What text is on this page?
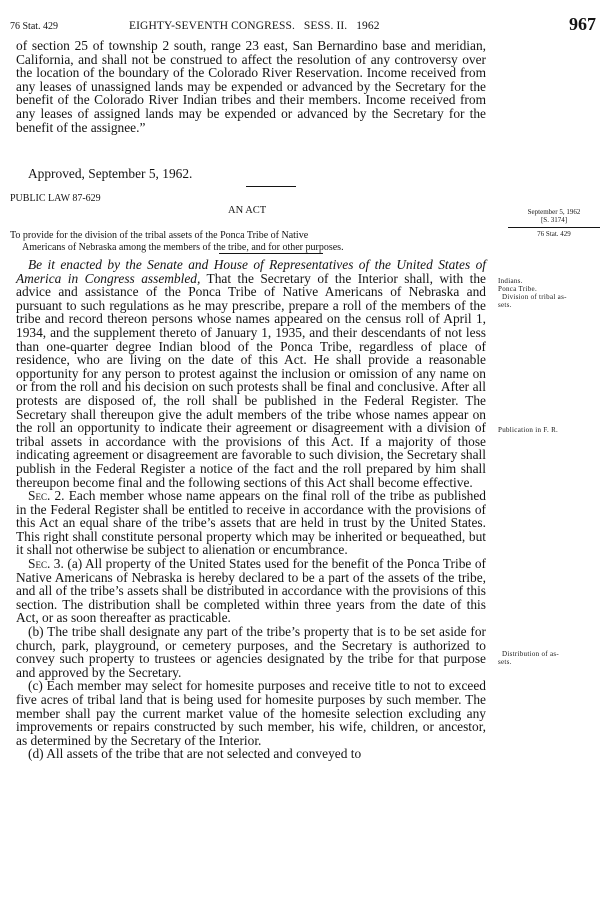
76 Stat. 429	EIGHTY-SEVENTH CONGRESS.   SESS. II.   1962	967

of section 25 of township 2 south, range 23 east, San Bernardino base and meridian, California, and shall not be construed to affect the resolution of any controversy over the location of the boundary of the Colorado River Reservation. Income received from any leases of unassigned lands may be expended or advanced by the Secretary for the benefit of the Colorado River Indian tribes and their members. Income received from any leases of assigned lands may be expended or advanced by the Secretary for the benefit of the assignee.”

Approved, September 5, 1962.
PUBLIC LAW 87-629
AN ACT
To provide for the division of the tribal assets of the Ponca Tribe of Native
Americans of Nebraska among the members of the tribe, and for other purposes.

Be it enacted by the Senate and House of Representatives of the United States of America in Congress assembled, That the Secretary of the Interior shall, with the advice and assistance of the Ponca Tribe of Native Americans of Nebraska and pursuant to such regulations as he may prescribe, prepare a roll of the members of the tribe and record thereon persons whose names appeared on the census roll of April 1, 1934, and the supplement thereto of January 1, 1935, and their descendants of not less than one-quarter degree Indian blood of the Ponca Tribe, regardless of place of residence, who are living on the date of this Act. He shall provide a reasonable opportunity for any person to protest against the inclusion or omission of any name on or from the roll and his decision on such protests shall be final and conclusive. After all protests are disposed of, the roll shall be published in the Federal Register. The Secretary shall thereupon give the adult members of the tribe whose names appear on the roll an opportunity to indicate their agreement or disagreement with a division of tribal assets in accordance with the provisions of this Act. If a majority of those indicating agreement or disagreement are favorable to such division, the Secretary shall publish in the Federal Register a notice of the fact and the roll prepared by him shall thereupon become final and the following sections of this Act shall become effective.

Sec. 2. Each member whose name appears on the final roll of the tribe as published in the Federal Register shall be entitled to receive in accordance with the provisions of this Act an equal share of the tribe’s assets that are held in trust by the United States. This right shall constitute personal property which may be inherited or bequeathed, but it shall not otherwise be subject to alienation or encumbrance.

Sec. 3. (a) All property of the United States used for the benefit of the Ponca Tribe of Native Americans of Nebraska is hereby declared to be a part of the assets of the tribe, and all of the tribe’s assets shall be distributed in accordance with the provisions of this section. The distribution shall be completed within three years from the date of this Act, or as soon thereafter as practicable.

(b) The tribe shall designate any part of the tribe’s property that is to be set aside for church, park, playground, or cemetery purposes, and the Secretary is authorized to convey such property to trustees or agencies designated by the tribe for that purpose and approved by the Secretary.

(c) Each member may select for homesite purposes and receive title to not to exceed five acres of tribal land that is being used for homesite purposes by such member. The member shall pay the current market value of the homesite selection excluding any improvements or repairs constructed by such member, his wife, children, or ancestor, as determined by the Secretary of the Interior.

(d) All assets of the tribe that are not selected and conveyed to

September 5, 1962
[S. 3174]
76 Stat. 429
Indians.
Ponca Tribe.
Division of tribal as-
sets.
Publication in F. R.
Distribution of as-
sets.
